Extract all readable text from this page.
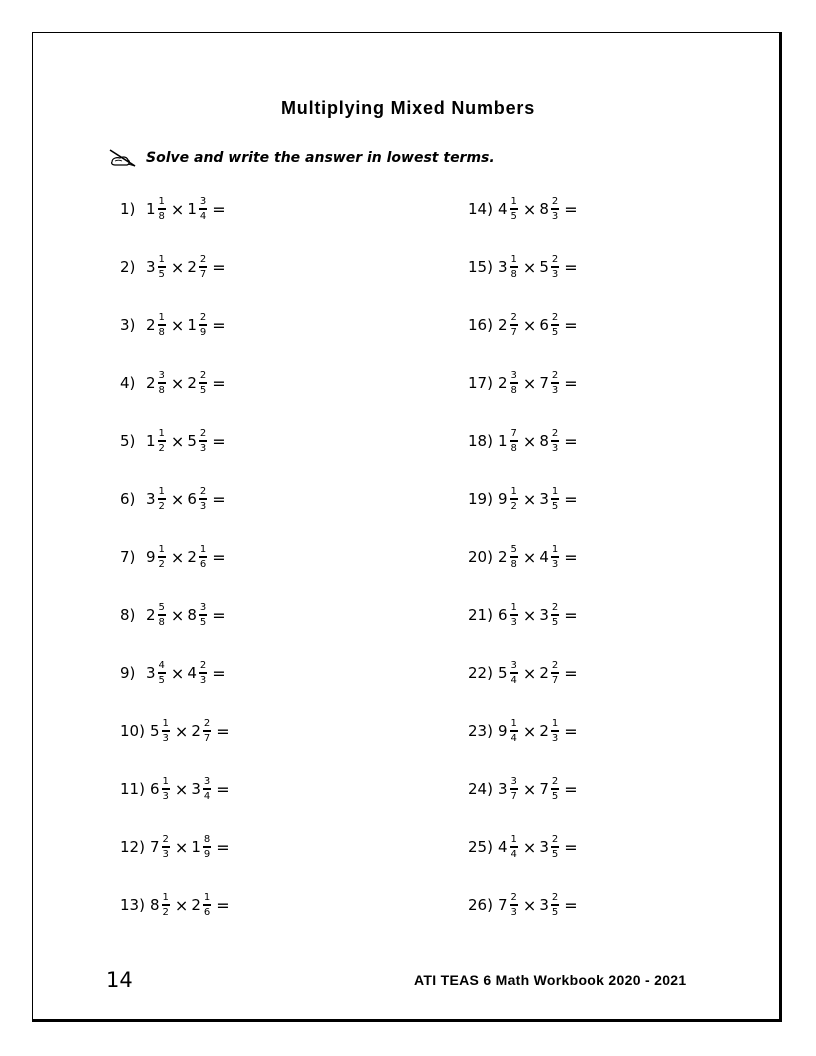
Multiplying Mixed Numbers
Solve and write the answer in lowest terms.
1) $1 \frac{1}{8} \times 1 \frac{3}{4}$ =
2) $3 \frac{1}{5} \times 2 \frac{2}{7}$ =
3) $2 \frac{1}{8} \times 1 \frac{2}{9}$ =
4) $2 \frac{3}{8} \times 2 \frac{2}{5}$ =
5) $1 \frac{1}{2} \times 5 \frac{2}{3}$ =
6) $3 \frac{1}{2} \times 6 \frac{2}{3}$ =
7) $9 \frac{1}{2} \times 2 \frac{1}{6}$ =
8) $2 \frac{5}{8} \times 8 \frac{3}{5}$ =
9) $3 \frac{4}{5} \times 4 \frac{2}{3}$ =
10) $5 \frac{1}{3} \times 2 \frac{2}{7}$ =
11) $6 \frac{1}{3} \times 3 \frac{3}{4}$ =
12) $7 \frac{2}{3} \times 1 \frac{8}{9}$ =
13) $8 \frac{1}{2} \times 2 \frac{1}{6}$ =
14) $4 \frac{1}{5} \times 8 \frac{2}{3}$ =
15) $3 \frac{1}{8} \times 5 \frac{2}{3}$ =
16) $2 \frac{2}{7} \times 6 \frac{2}{5}$ =
17) $2 \frac{3}{8} \times 7 \frac{2}{3}$ =
18) $1 \frac{7}{8} \times 8 \frac{2}{3}$ =
19) $9 \frac{1}{2} \times 3 \frac{1}{5}$ =
20) $2 \frac{5}{8} \times 4 \frac{1}{3}$ =
21) $6 \frac{1}{3} \times 3 \frac{2}{5}$ =
22) $5 \frac{3}{4} \times 2 \frac{2}{7}$ =
23) $9 \frac{1}{4} \times 2 \frac{1}{3}$ =
24) $3 \frac{3}{7} \times 7 \frac{2}{5}$ =
25) $4 \frac{1}{4} \times 3 \frac{2}{5}$ =
26) $7 \frac{2}{3} \times 3 \frac{2}{5}$ =
14	ATI TEAS 6 Math Workbook 2020 - 2021
